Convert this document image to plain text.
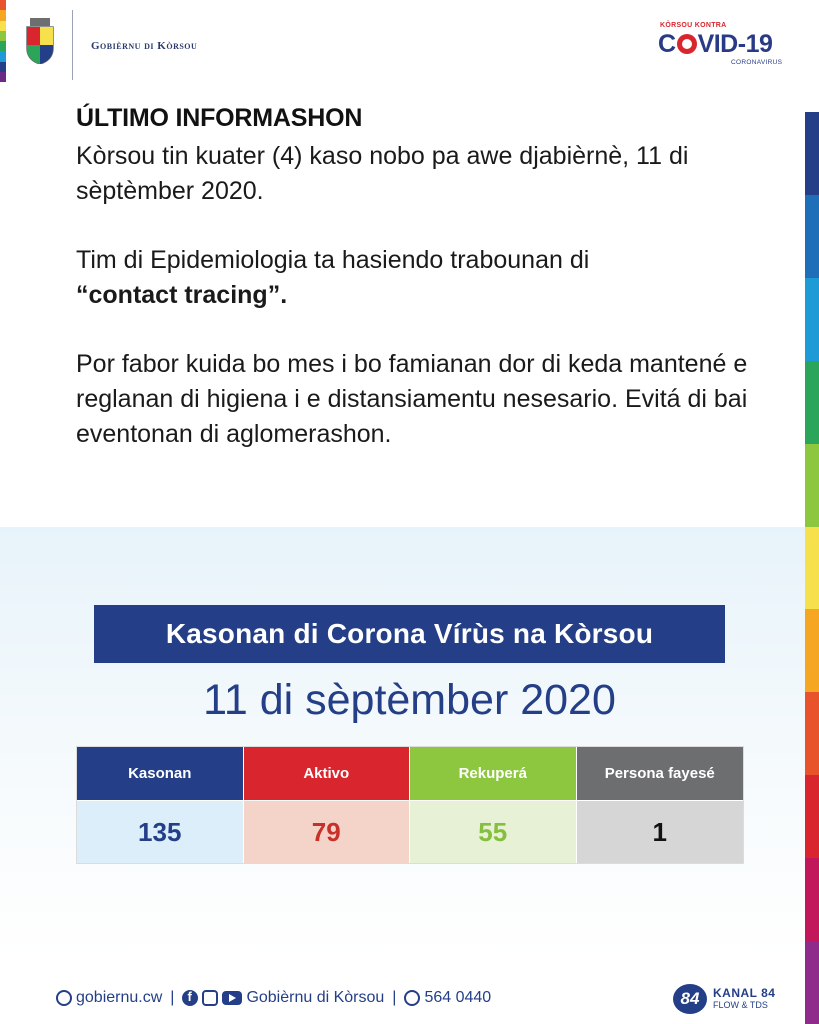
Gobièrnu di Kòrsou
KÒRSOU KONTRA
C VID-19
CORONAVIRUS
ÚLTIMO INFORMASHON

Kòrsou tin kuater (4) kaso nobo pa awe djabièrnè, 11 di sèptèmber 2020.

Tim di Epidemiologia ta hasiendo trabounan di
“contact tracing”.

Por fabor kuida bo mes i bo famianan dor di keda mantené e reglanan di higiena i e distansiamentu nesesario. Evitá di bai eventonan di aglomerashon.

Kasonan di Corona Vírùs na Kòrsou
11 di sèptèmber 2020
Kasonan
135
Aktivo
79
Rekuperá
55
Persona fayesé
1
gobiernu.cw |
f	Gobièrnu di Kòrsou | 564 0440	84	KANAL 84
FLOW & TDS
